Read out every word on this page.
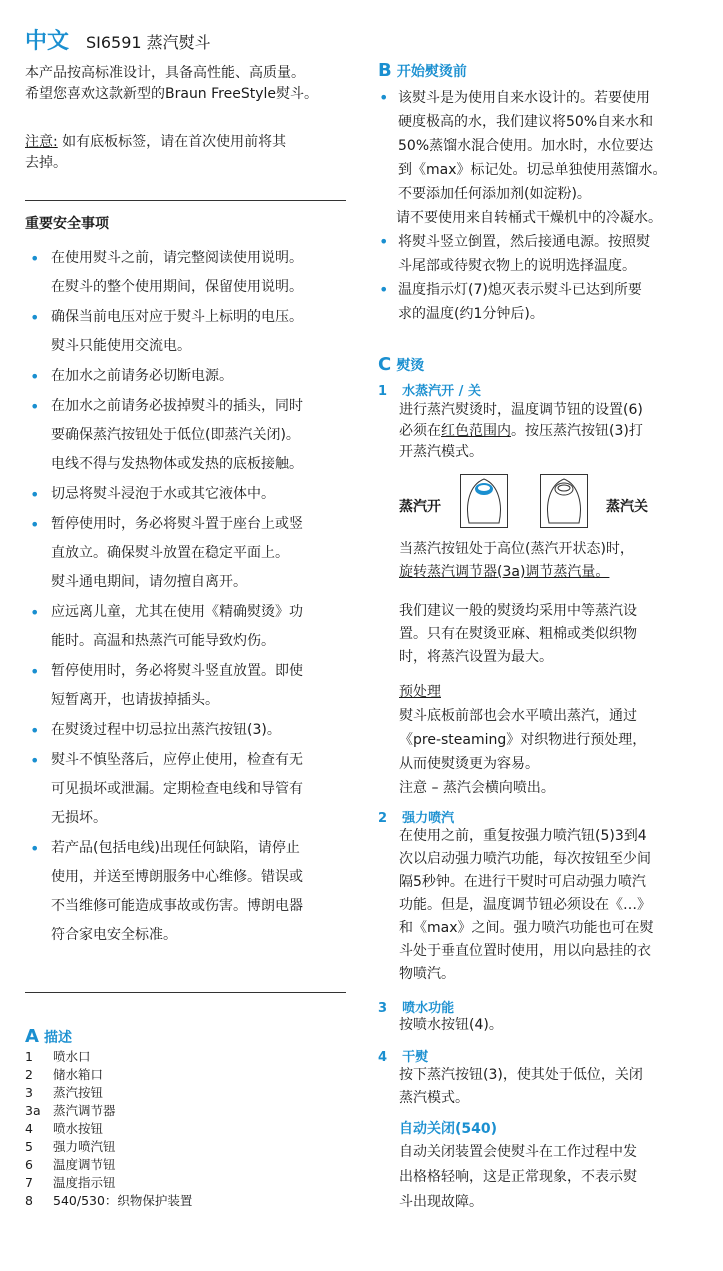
中文 SI6591 蒸汽熨斗
本产品按高标准设计，具备高性能、高质量。
希望您喜欢这款新型的Braun FreeStyle熨斗。
注意: 如有底板标签，请在首次使用前将其
去掉。
重要安全事项
• 在使用熨斗之前，请完整阅读使用说明。
在熨斗的整个使用期间，保留使用说明。
• 确保当前电压对应于熨斗上标明的电压。
熨斗只能使用交流电。
• 在加水之前请务必切断电源。
• 在加水之前请务必拔掉熨斗的插头，同时
要确保蒸汽按钮处于低位(即蒸汽关闭)。
电线不得与发热物体或发热的底板接触。
• 切忌将熨斗浸泡于水或其它液体中。
• 暂停使用时，务必将熨斗置于座台上或竖
直放立。确保熨斗放置在稳定平面上。
熨斗通电期间，请勿擅自离开。
• 应远离儿童，尤其在使用《精确熨烫》功
能时。高温和热蒸汽可能导致灼伤。
• 暂停使用时，务必将熨斗竖直放置。即使
短暂离开，也请拔掉插头。
• 在熨烫过程中切忌拉出蒸汽按钮(3)。
• 熨斗不慎坠落后，应停止使用，检查有无
可见损坏或泄漏。定期检查电线和导管有
无损坏。
• 若产品(包括电线)出现任何缺陷，请停止
使用，并送至博朗服务中心维修。错误或
不当维修可能造成事故或伤害。博朗电器
符合家电安全标准。
A 描述
1	喷水口
2	储水箱口
3	蒸汽按钮
3a 蒸汽调节器
4	喷水按钮
5	强力喷汽钮
6	温度调节钮
7	温度指示钮
8	540/530：织物保护装置
B 开始熨烫前
• 该熨斗是为使用自来水设计的。若要使用
硬度极高的水，我们建议将50%自来水和
50%蒸馏水混合使用。加水时，水位要达
到《max》标记处。切忌单独使用蒸馏水。
不要添加任何添加剂(如淀粉)。
请不要使用来自转桶式干燥机中的冷凝水。
• 将熨斗竖立倒置，然后接通电源。按照熨
斗尾部或待熨衣物上的说明选择温度。
• 温度指示灯(7)熄灭表示熨斗已达到所要
求的温度(约1分钟后)。
C 熨烫
1 水蒸汽开 / 关
进行蒸汽熨烫时，温度调节钮的设置(6)
必须在红色范围内。按压蒸汽按钮(3)打
开蒸汽模式。
蒸汽开	蒸汽关
当蒸汽按钮处于高位(蒸汽开状态)时，
旋转蒸汽调节器(3a)调节蒸汽量。
我们建议一般的熨烫均采用中等蒸汽设
置。只有在熨烫亚麻、粗棉或类似织物
时，将蒸汽设置为最大。
预处理
熨斗底板前部也会水平喷出蒸汽，通过
《pre-steaming》对织物进行预处理，
从而使熨烫更为容易。
注意 – 蒸汽会横向喷出。
2 强力喷汽
在使用之前，重复按强力喷汽钮(5)3到4
次以启动强力喷汽功能，每次按钮至少间
隔5秒钟。在进行干熨时可启动强力喷汽
功能。但是，温度调节钮必须设在《…》
和《max》之间。强力喷汽功能也可在熨
斗处于垂直位置时使用，用以向悬挂的衣
物喷汽。
3 喷水功能
按喷水按钮(4)。
4 干熨
按下蒸汽按钮(3)，使其处于低位，关闭
蒸汽模式。
自动关闭(540)
自动关闭装置会使熨斗在工作过程中发
出格格轻响，这是正常现象，不表示熨
斗出现故障。
